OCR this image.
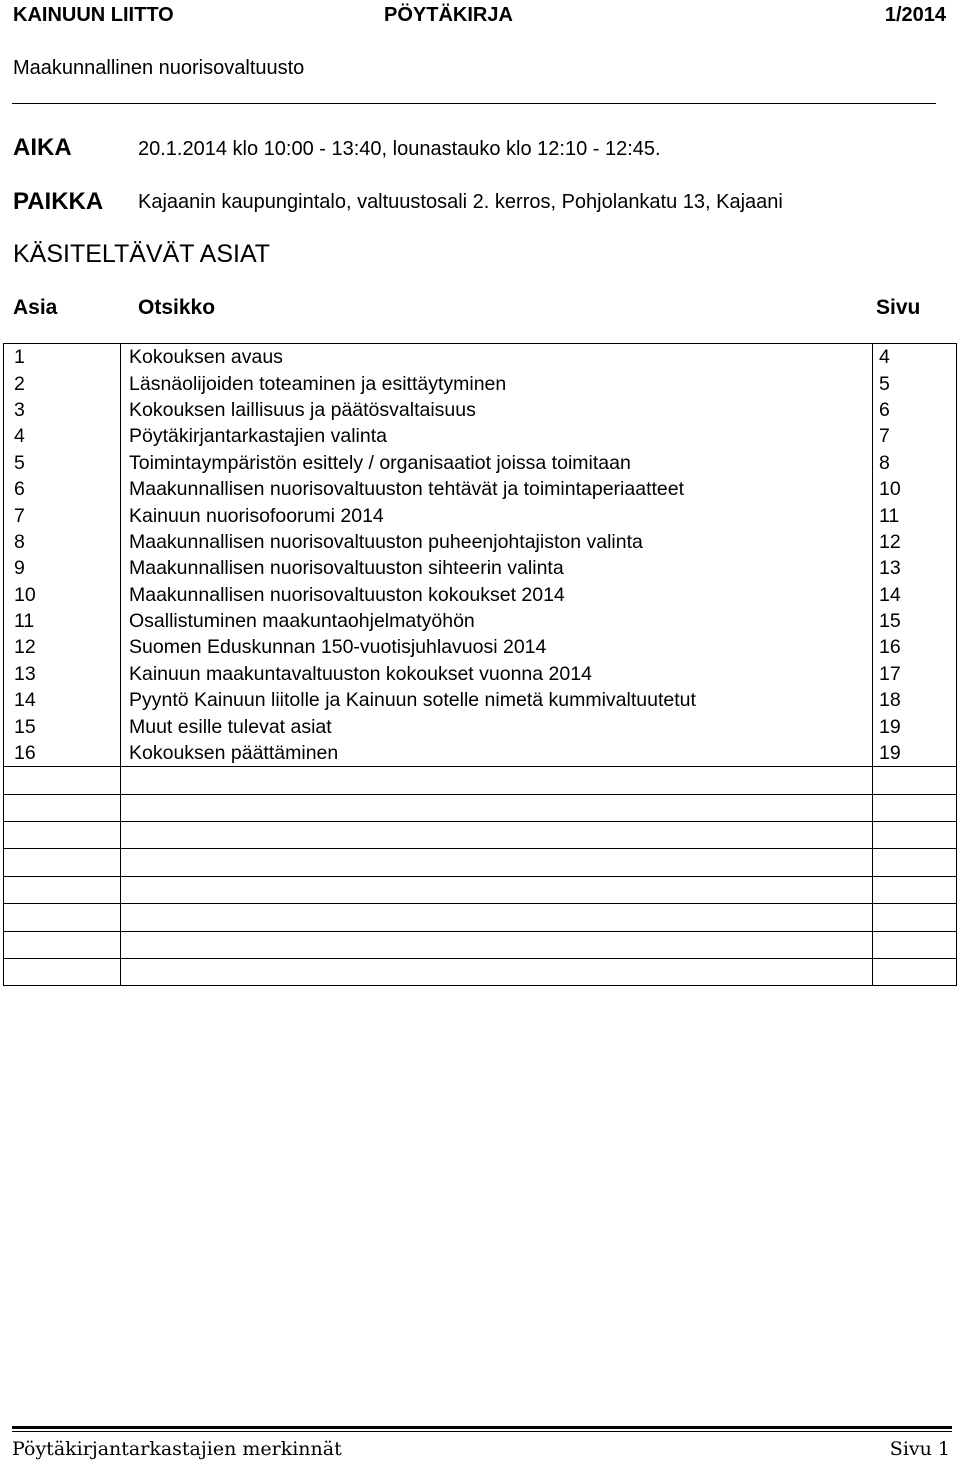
KAINUUN LIITTO	PÖYTÄKIRJA	1/2014
Maakunnallinen nuorisovaltuusto
AIKA	20.1.2014 klo 10:00 - 13:40, lounastauko klo 12:10 - 12:45.
PAIKKA Kajaanin kaupungintalo, valtuustosali 2. kerros, Pohjolankatu 13, Kajaani
KÄSITELTÄVÄT ASIAT
Asia	Otsikko	Sivu
1	Kokouksen avaus	4
2	Läsnäolijoiden toteaminen ja esittäytyminen	5
3	Kokouksen laillisuus ja päätösvaltaisuus	6
4	Pöytäkirjantarkastajien valinta	7
5	Toimintaympäristön esittely / organisaatiot joissa toimitaan	8
6	Maakunnallisen nuorisovaltuuston tehtävät ja toimintaperiaatteet	10
7	Kainuun nuorisofoorumi 2014	11
8	Maakunnallisen nuorisovaltuuston puheenjohtajiston valinta	12
9	Maakunnallisen nuorisovaltuuston sihteerin valinta	13
10	Maakunnallisen nuorisovaltuuston kokoukset 2014	14
11	Osallistuminen maakuntaohjelmatyöhön	15
12	Suomen Eduskunnan 150-vuotisjuhlavuosi 2014	16
13	Kainuun maakuntavaltuuston kokoukset vuonna 2014	17
14	Pyyntö Kainuun liitolle ja Kainuun sotelle nimetä kummivaltuutetut	18
15	Muut esille tulevat asiat	19
16	Kokouksen päättäminen	19

Pöytäkirjantarkastajien merkinnät	Sivu 1
